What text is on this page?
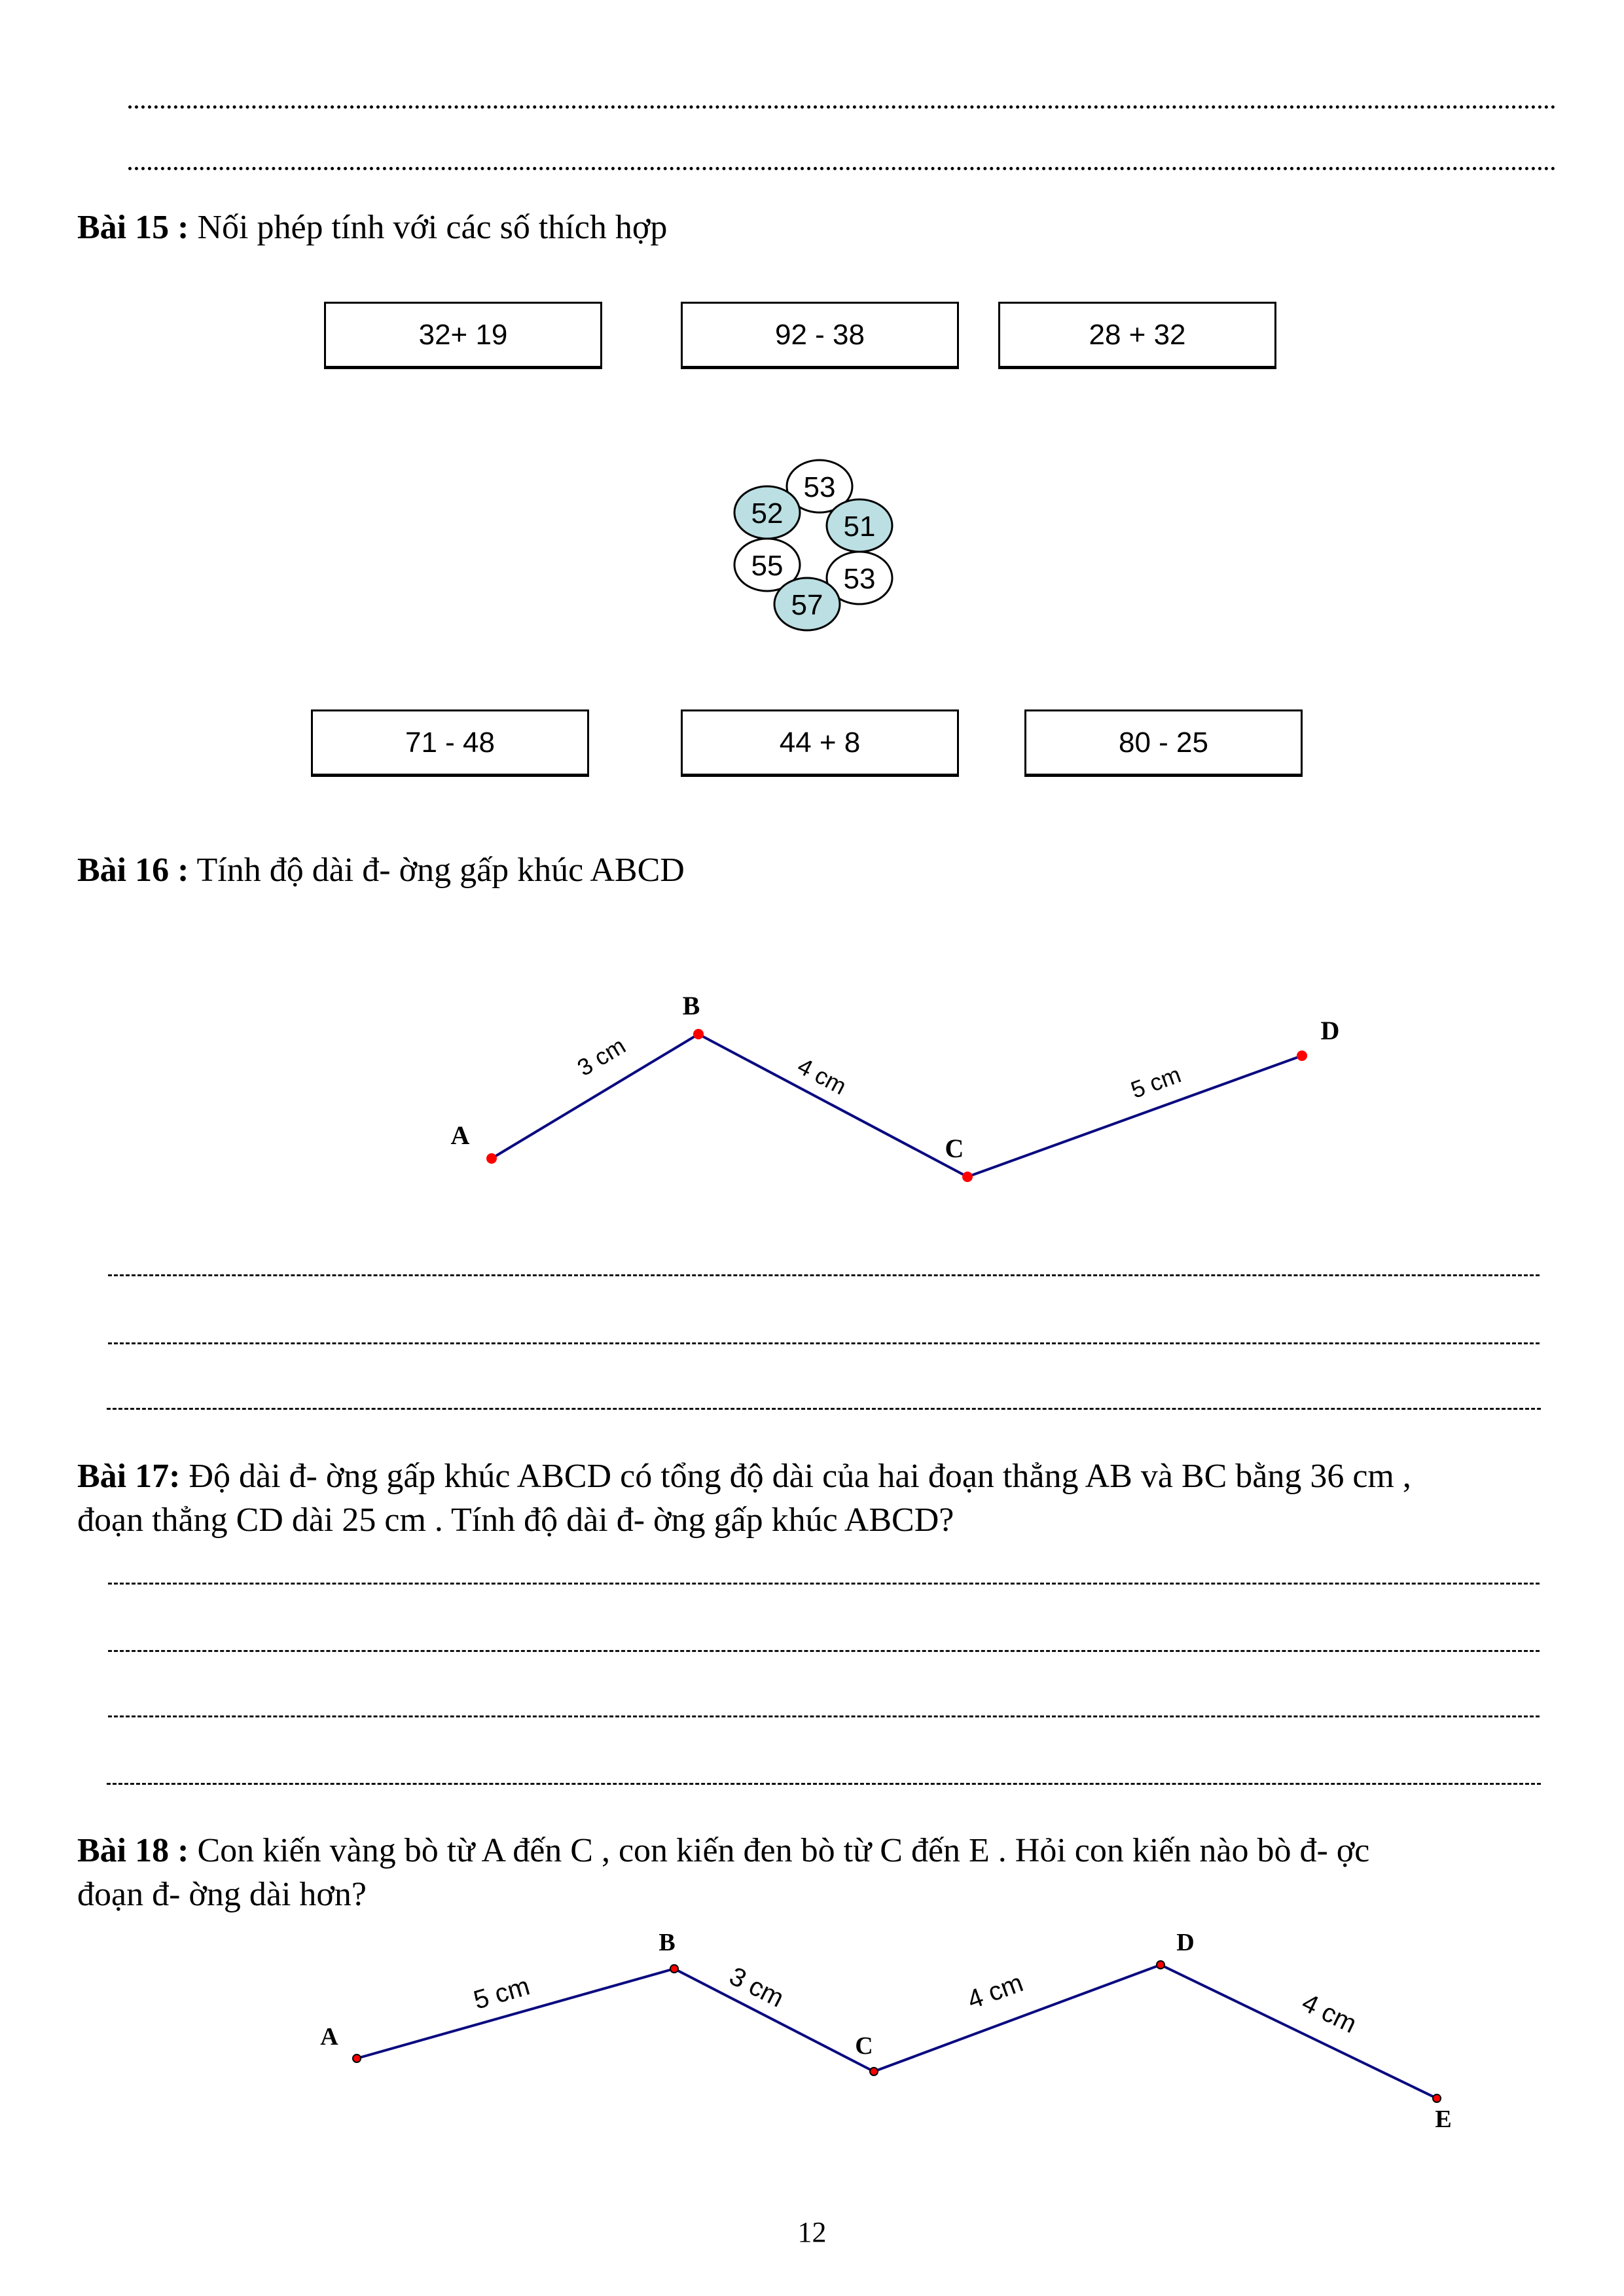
Bài 15 : Nối phép tính với các số thích hợp
32+ 19	92 - 38	28 + 32
53
52 51
55 53
57
71 - 48	44 + 8	80 - 25
Bài 16 : Tính độ dài đ- ờng gấp khúc ABCD
A
B
C
D
3 cm	4 cm	5 cm
Bài 17: Độ dài đ- ờng gấp khúc ABCD có tổng độ dài của hai đoạn thẳng AB và BC bằng 36 cm ,
đoạn thẳng CD dài 25 cm . Tính độ dài đ- ờng gấp khúc ABCD?
Bài 18 : Con kiến vàng bò từ A đến C , con kiến đen bò từ C đến E . Hỏi con kiến nào bò đ- ợc
đoạn đ- ờng dài hơn?
A
B
C
D
E
5 cm	3 cm	4 cm	4 cm
12
